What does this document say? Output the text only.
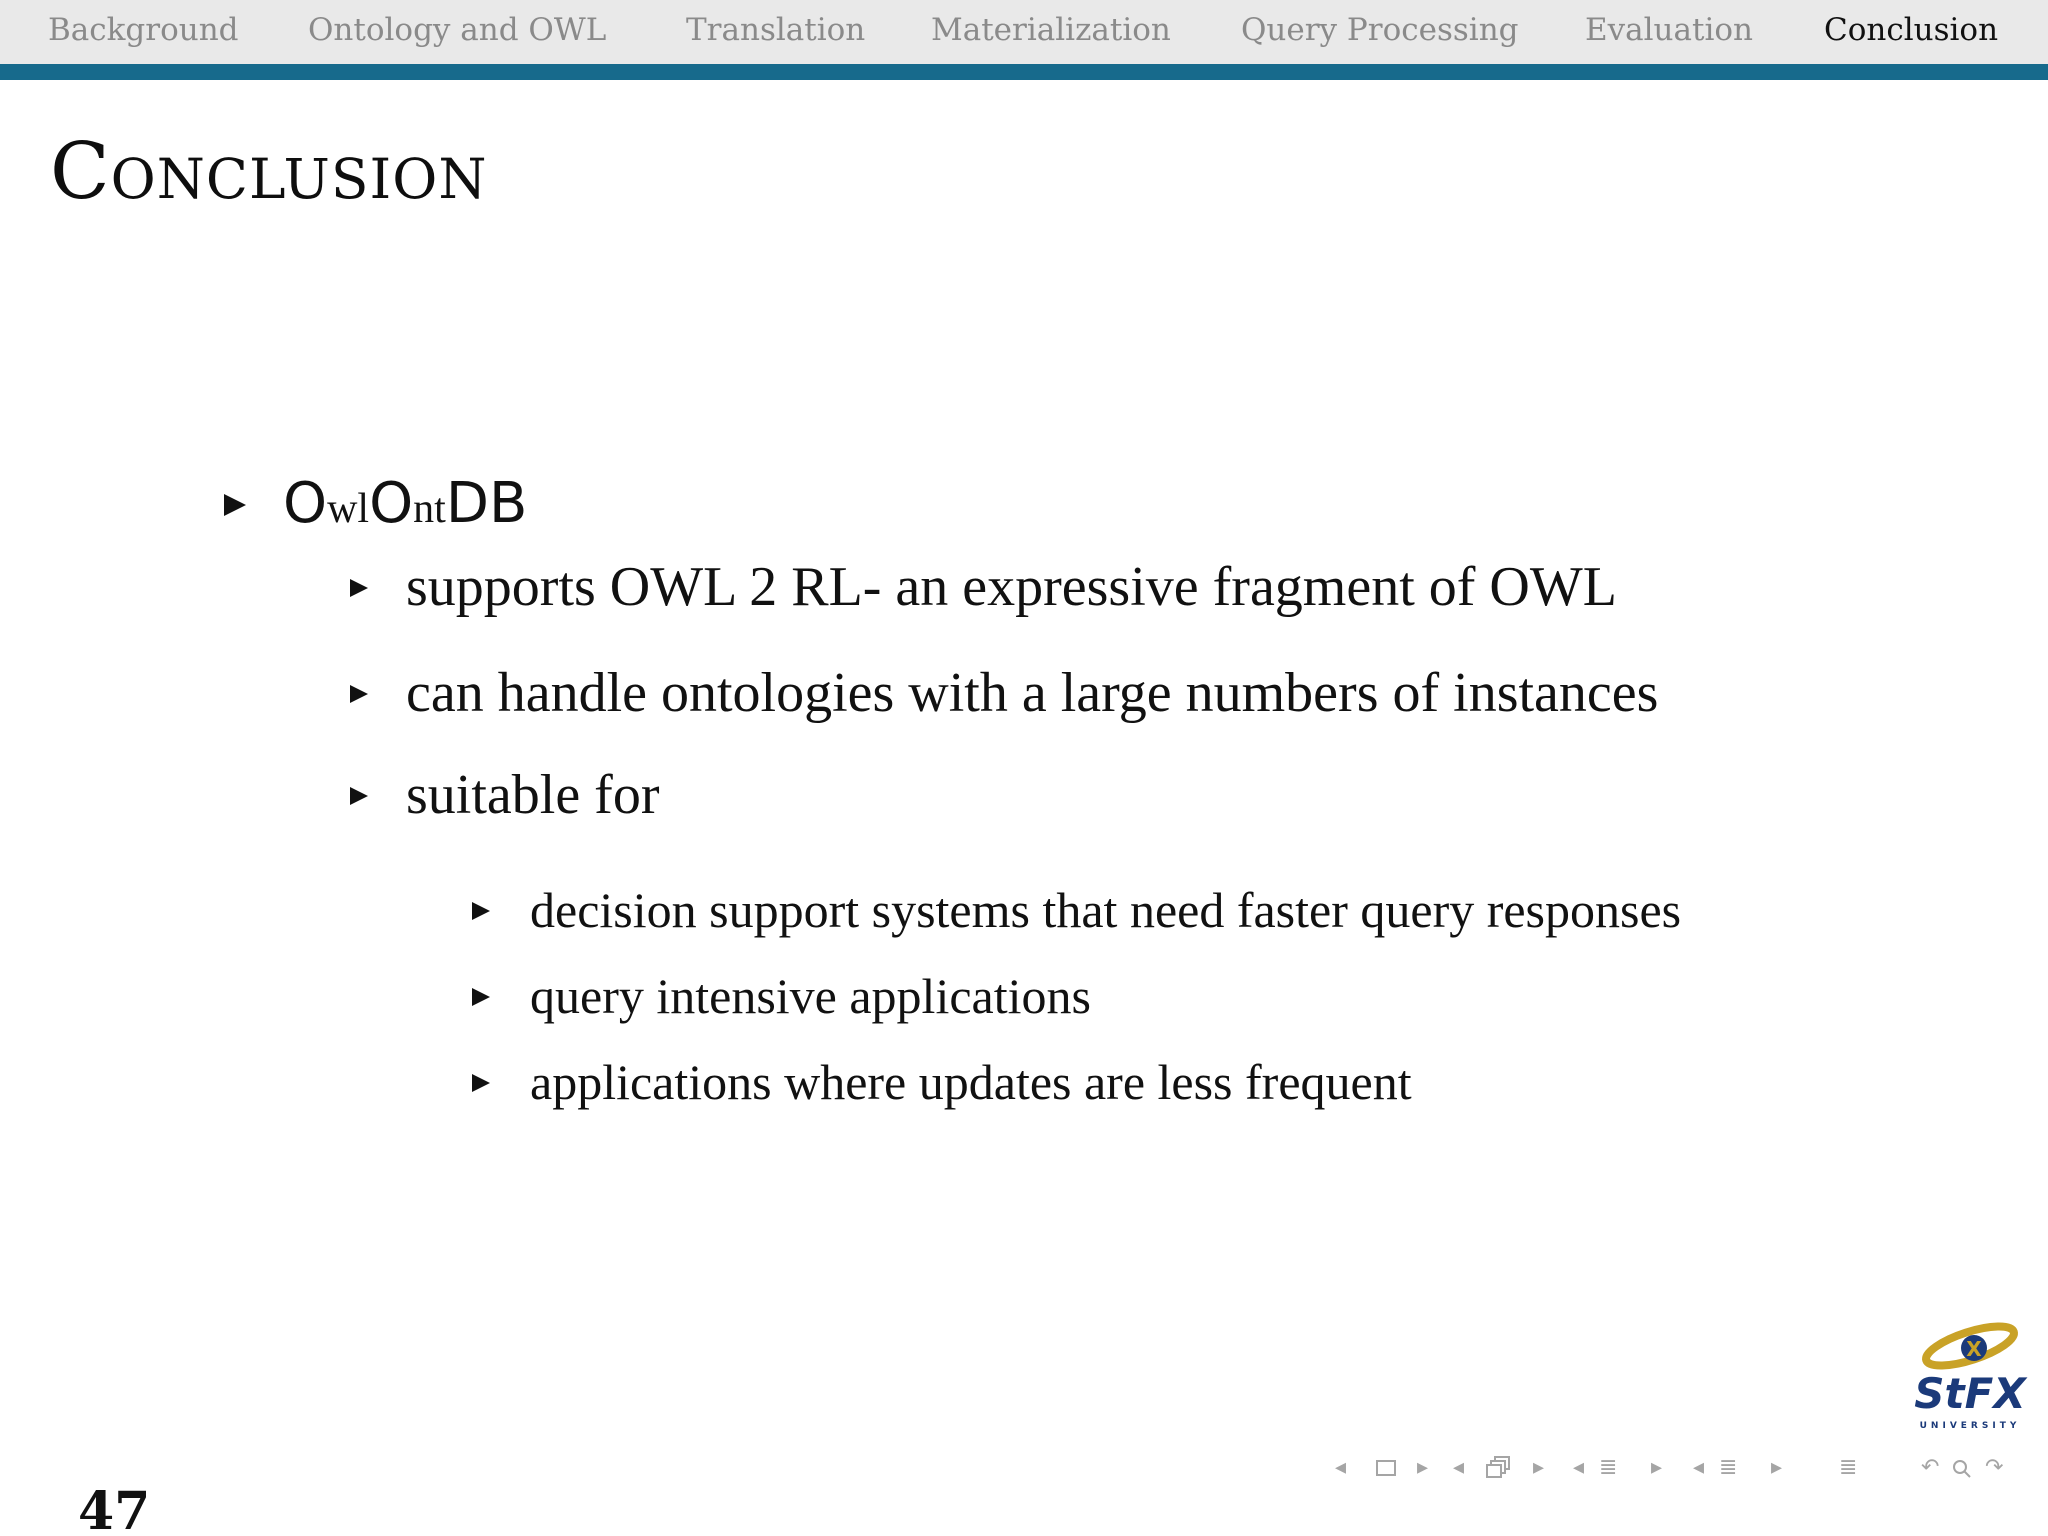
Background Ontology and OWL	Translation Materialization Query Processing Evaluation Conclusion
Conclusion
OwlOntDB
supports OWL 2 RL- an expressive fragment of OWL
can handle ontologies with a large numbers of instances
suitable for
decision support systems that need faster query responses
query intensive applications
applications where updates are less frequent
X
StFX
UNIVERSITY
◂	▸ ◂	▸ ◂ ≣ ▸ ◂ ≣ ▸	≣	↶ ↷
47
